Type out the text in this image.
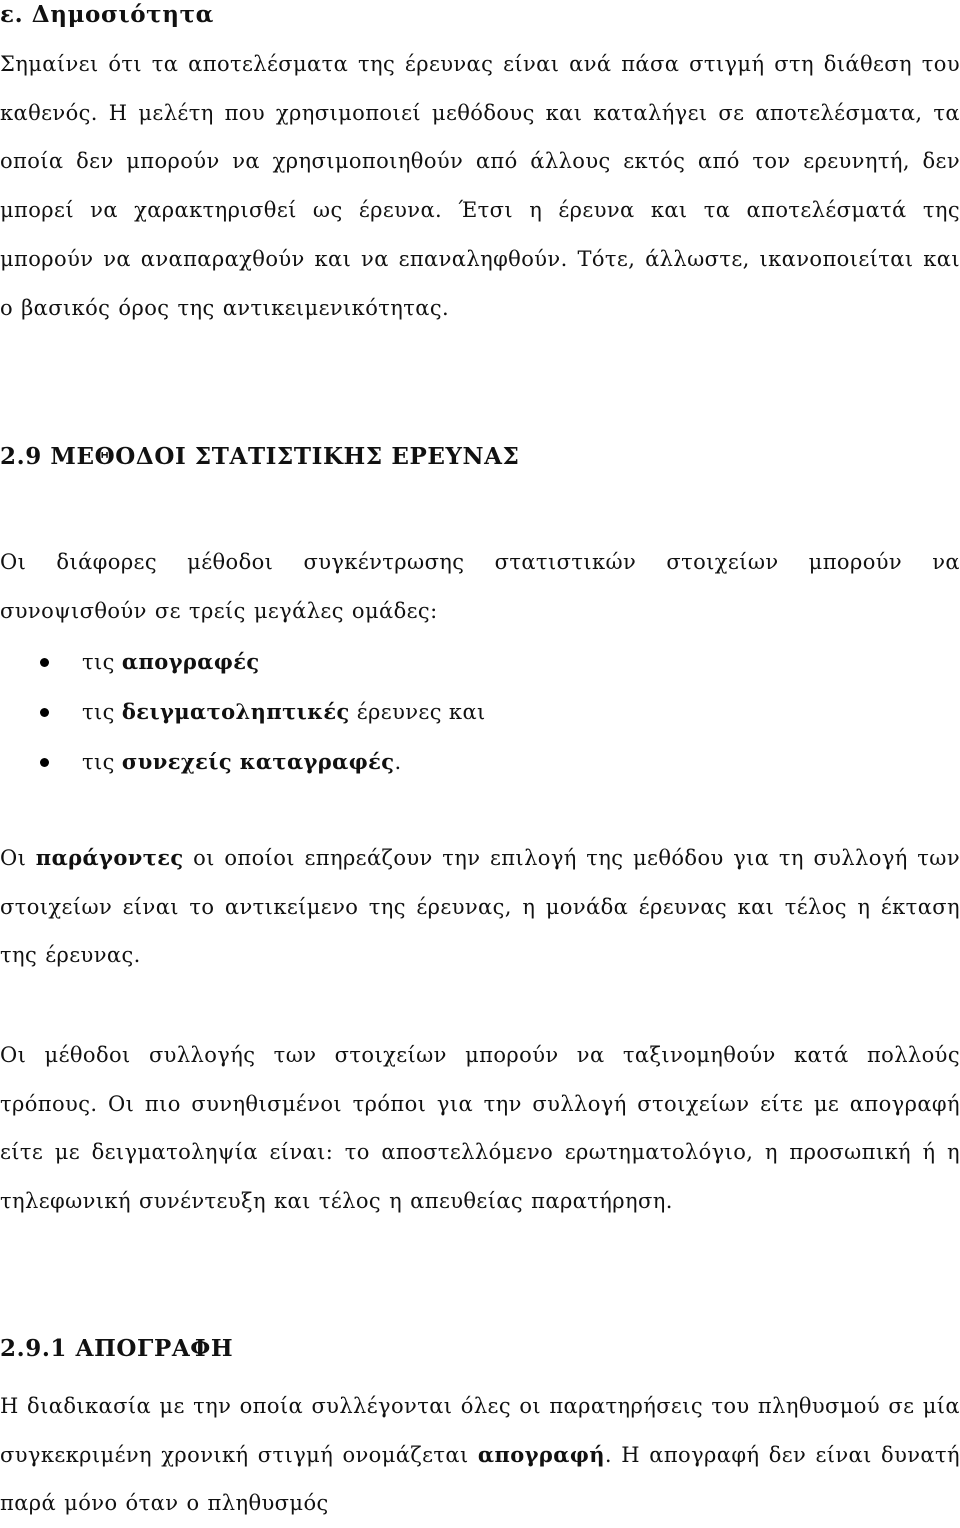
ε. Δημοσιότητα

Σημαίνει ότι τα αποτελέσματα της έρευνας είναι ανά πάσα στιγμή στη διάθεση του καθενός. Η μελέτη που χρησιμοποιεί μεθόδους και καταλήγει σε αποτελέσματα, τα οποία δεν μπορούν να χρησιμοποιηθούν από άλλους εκτός από τον ερευνητή, δεν μπορεί να χαρακτηρισθεί ως έρευνα. Έτσι η έρευνα και τα αποτελέσματά της μπορούν να αναπαραχθούν και να επαναληφθούν. Τότε, άλλωστε, ικανοποιείται και ο βασικός όρος της αντικειμενικότητας.

2.9 ΜΕΘΟΔΟΙ ΣΤΑΤΙΣΤΙΚΗΣ ΕΡΕΥΝΑΣ

Οι διάφορες μέθοδοι συγκέντρωσης στατιστικών στοιχείων μπορούν να συνοψισθούν σε τρείς μεγάλες ομάδες:

τις απογραφές
τις δειγματοληπτικές έρευνες και
τις συνεχείς καταγραφές.

Οι παράγοντες οι οποίοι επηρεάζουν την επιλογή της μεθόδου για τη συλλογή των στοιχείων είναι το αντικείμενο της έρευνας, η μονάδα έρευνας και τέλος η έκταση της έρευνας.

Οι μέθοδοι συλλογής των στοιχείων μπορούν να ταξινομηθούν κατά πολλούς τρόπους. Οι πιο συνηθισμένοι τρόποι για την συλλογή στοιχείων είτε με απογραφή είτε με δειγματοληψία είναι: το αποστελλόμενο ερωτηματολόγιο, η προσωπική ή η τηλεφωνική συνέντευξη και τέλος η απευθείας παρατήρηση.

2.9.1 ΑΠΟΓΡΑΦΗ

Η διαδικασία με την οποία συλλέγονται όλες οι παρατηρήσεις του πληθυσμού σε μία συγκεκριμένη χρονική στιγμή ονομάζεται απογραφή. Η απογραφή δεν είναι δυνατή παρά μόνο όταν ο πληθυσμός
